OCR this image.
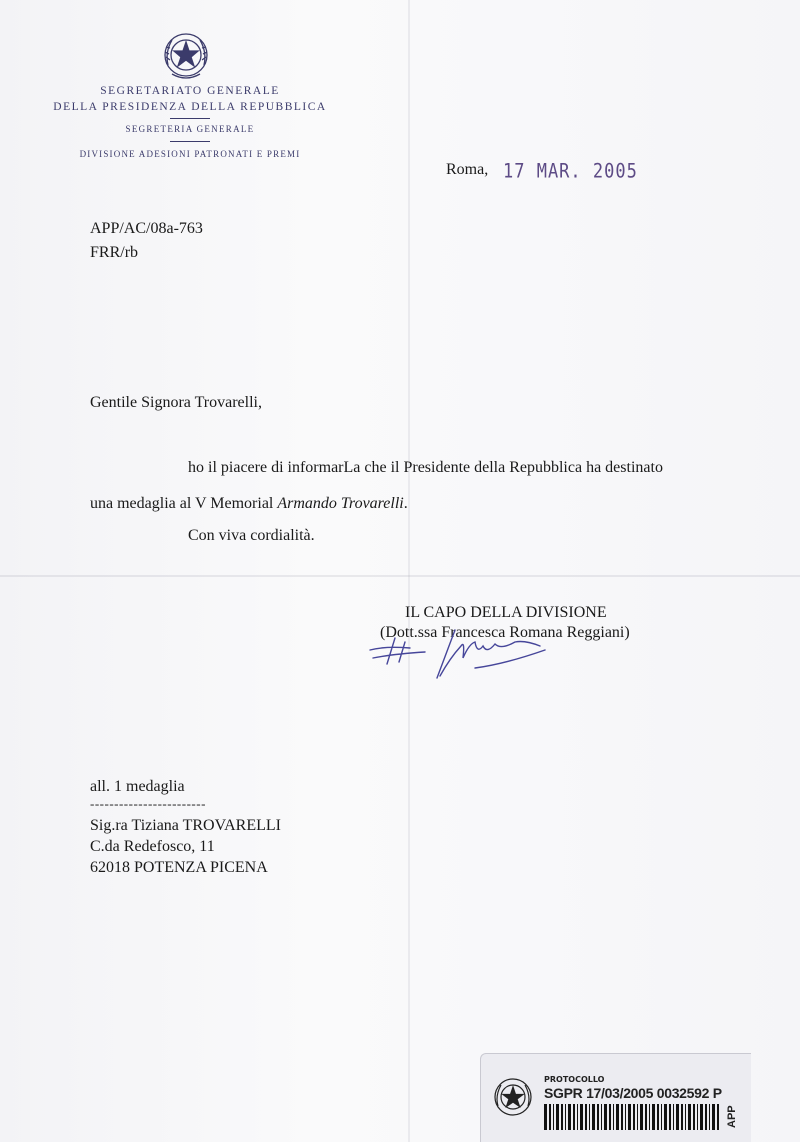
SEGRETARIATO GENERALE
DELLA PRESIDENZA DELLA REPUBBLICA
SEGRETERIA GENERALE
DIVISIONE ADESIONI PATRONATI E PREMI
Roma, 17 MAR. 2005
APP/AC/08a-763
FRR/rb
Gentile Signora Trovarelli,
ho il piacere di informarLa che il Presidente della Repubblica ha destinato
una medaglia al V Memorial Armando Trovarelli.
Con viva cordialità.
IL CAPO DELLA DIVISIONE
(Dott.ssa Francesca Romana Reggiani)
all. 1 medaglia
------------------------
Sig.ra Tiziana TROVARELLI
C.da Redefosco, 11
62018 POTENZA PICENA
PROTOCOLLO
SGPR 17/03/2005 0032592 P
APP
